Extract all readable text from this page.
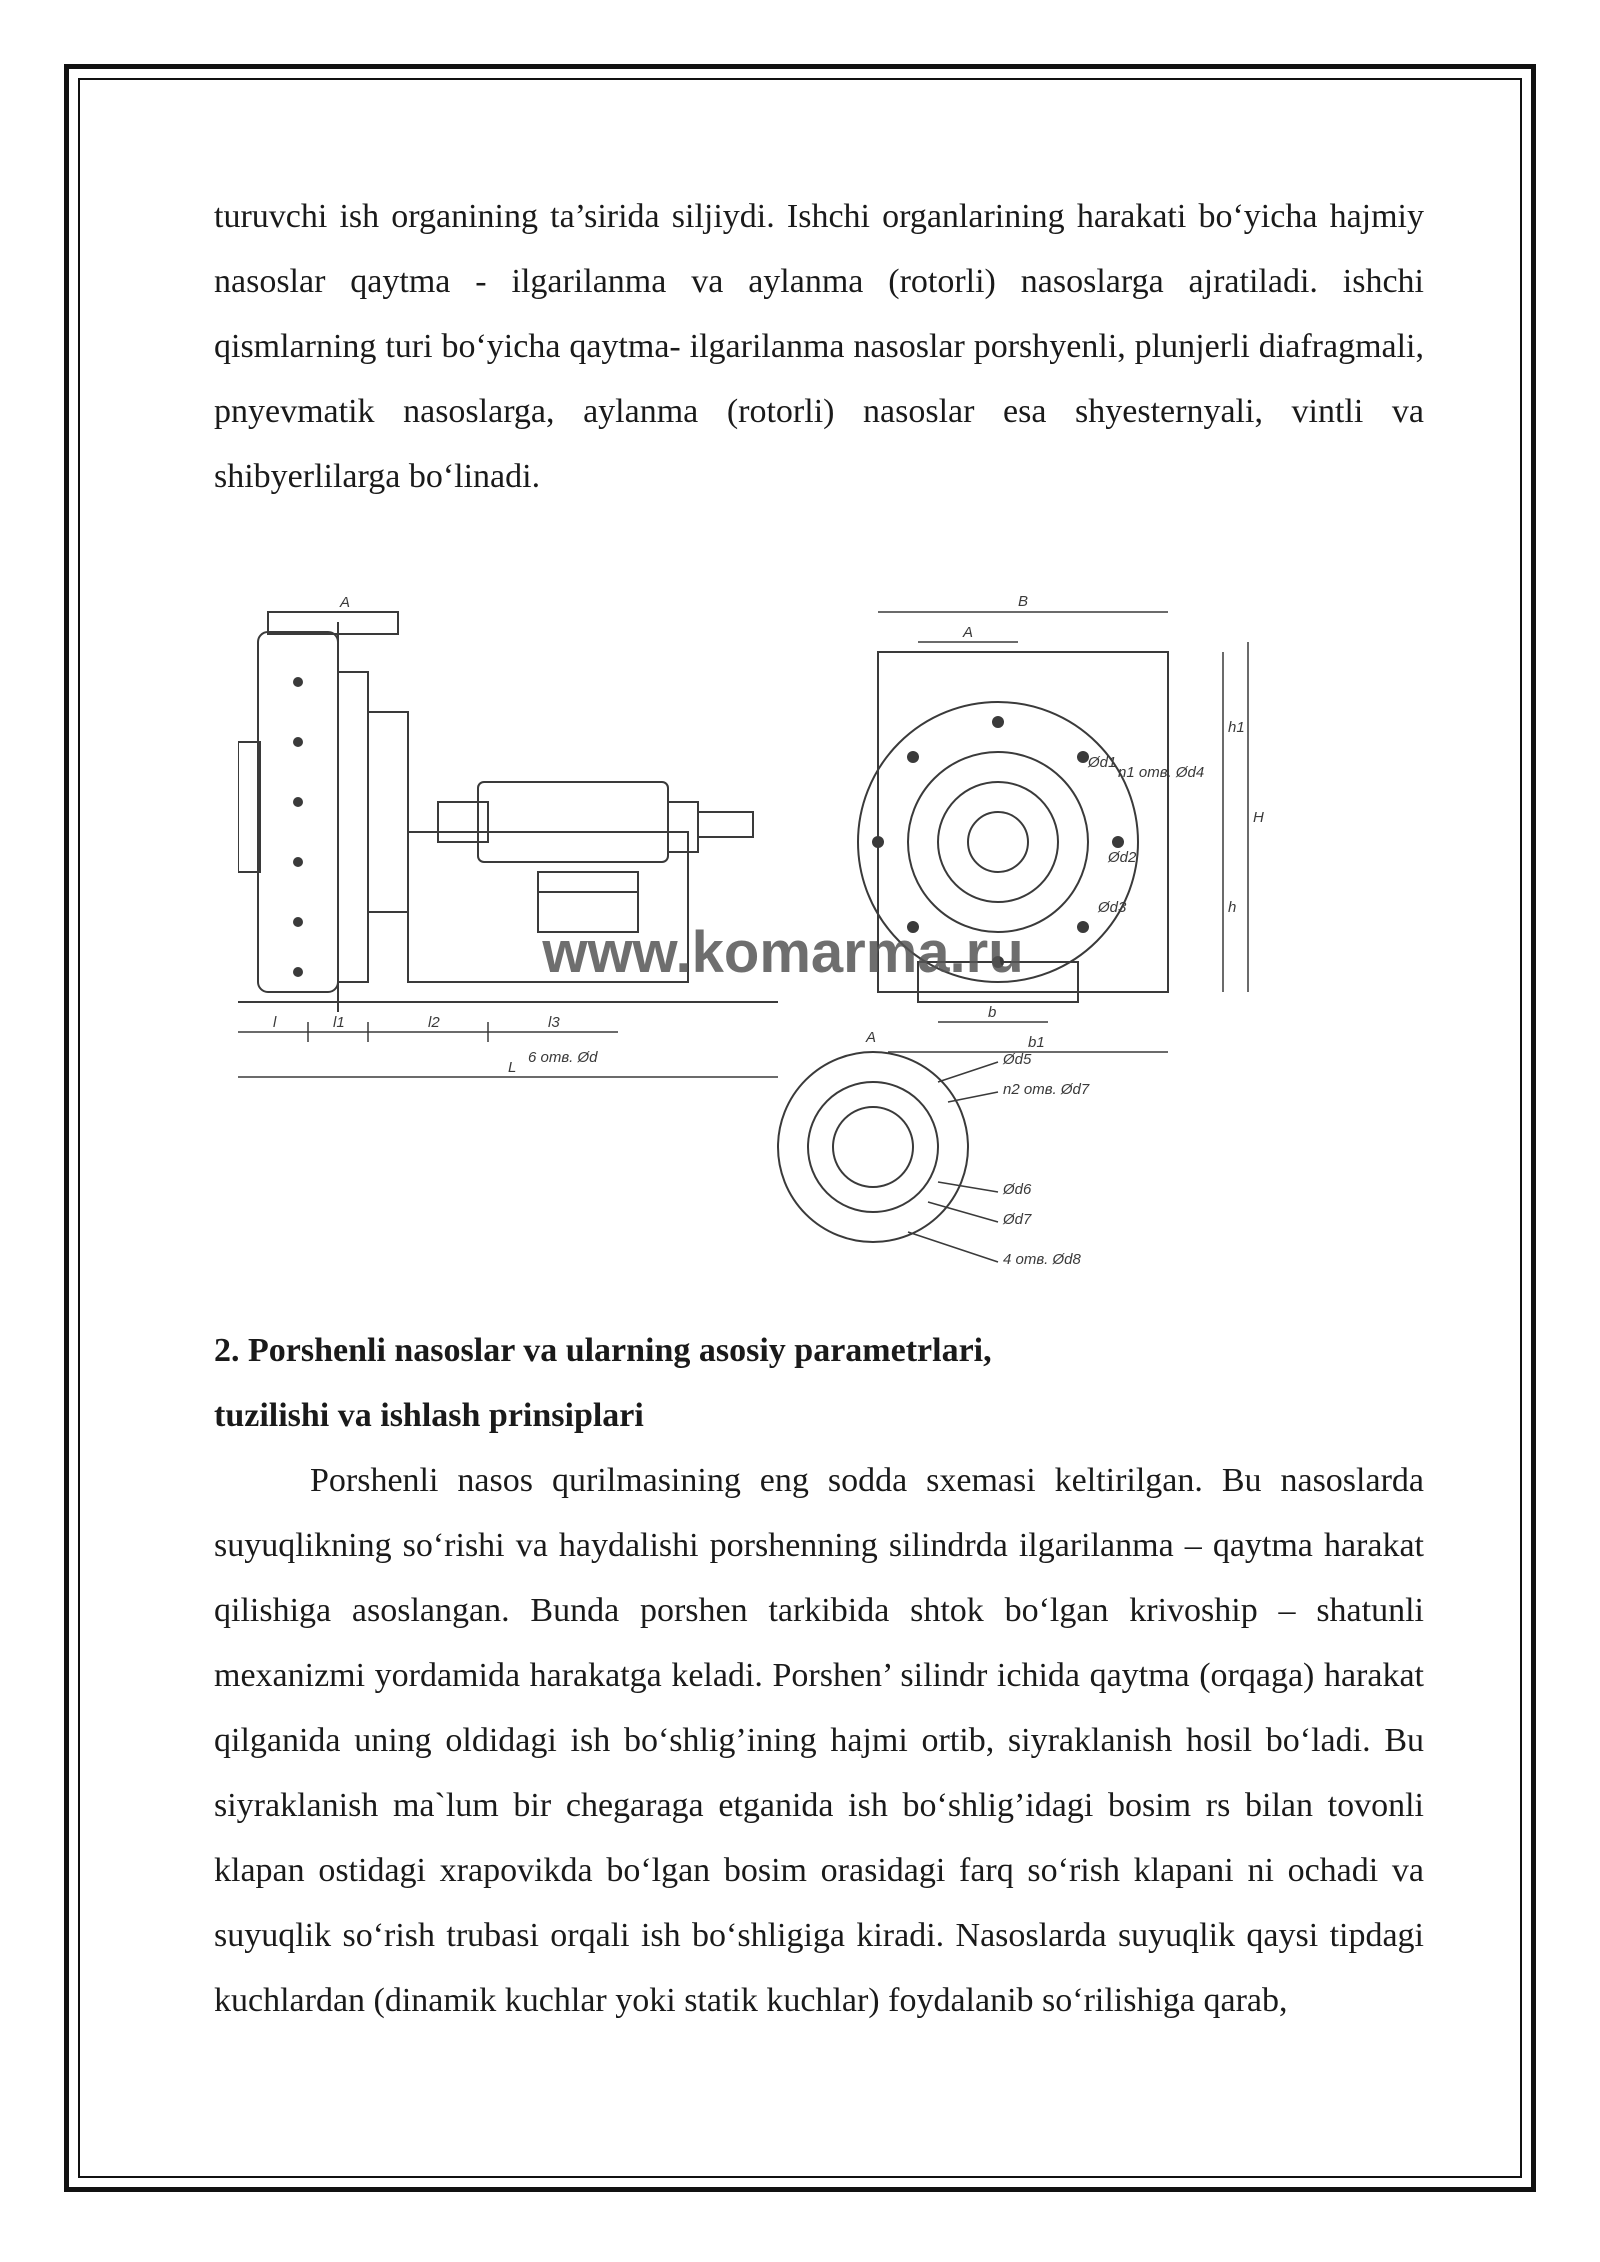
turuvchi ish organining ta’sirida siljiydi. Ishchi organlarining harakati bo‘yicha hajmiy nasoslar qaytma - ilgarilanma va aylanma (rotorli) nasoslarga ajratiladi. ishchi qismlarning turi bo‘yicha qaytma- ilgarilanma nasoslar porshyenli, plunjerli diafragmali, pnyevmatik nasoslarga, aylanma (rotorli) nasoslar esa shyesternyali, vintli va shibyerlilarga bo‘linadi.

A
l	l1	l2	l3
6 отв. Ød
L
B
A
h1
H
h
b
b1
Ød1
n1 отв. Ød4
Ød2
Ød3
A
Ød5
n2 отв. Ød7
Ød6
Ød7
4 отв. Ød8
www.komarma.ru

2. Porshenli nasoslar va ularning asosiy parametrlari,

tuzilishi va ishlash prinsiplari

Porshenli nasos qurilmasining eng sodda sxemasi keltirilgan. Bu nasoslarda suyuqlikning so‘rishi va haydalishi porshenning silindrda ilgarilanma – qaytma harakat qilishiga asoslangan. Bunda porshen tarkibida shtok bo‘lgan krivoship – shatunli mexanizmi yordamida harakatga keladi. Porshen’ silindr ichida qaytma (orqaga) harakat qilganida uning oldidagi ish bo‘shlig’ining hajmi ortib, siyraklanish hosil bo‘ladi. Bu siyraklanish ma`lum bir chegaraga etganida ish bo‘shlig’idagi bosim rs bilan tovonli klapan ostidagi xrapovikda bo‘lgan bosim orasidagi farq so‘rish klapani ni ochadi va suyuqlik so‘rish trubasi orqali ish bo‘shligiga kiradi. Nasoslarda suyuqlik qaysi tipdagi kuchlardan (dinamik kuchlar yoki statik kuchlar) foydalanib so‘rilishiga qarab,
